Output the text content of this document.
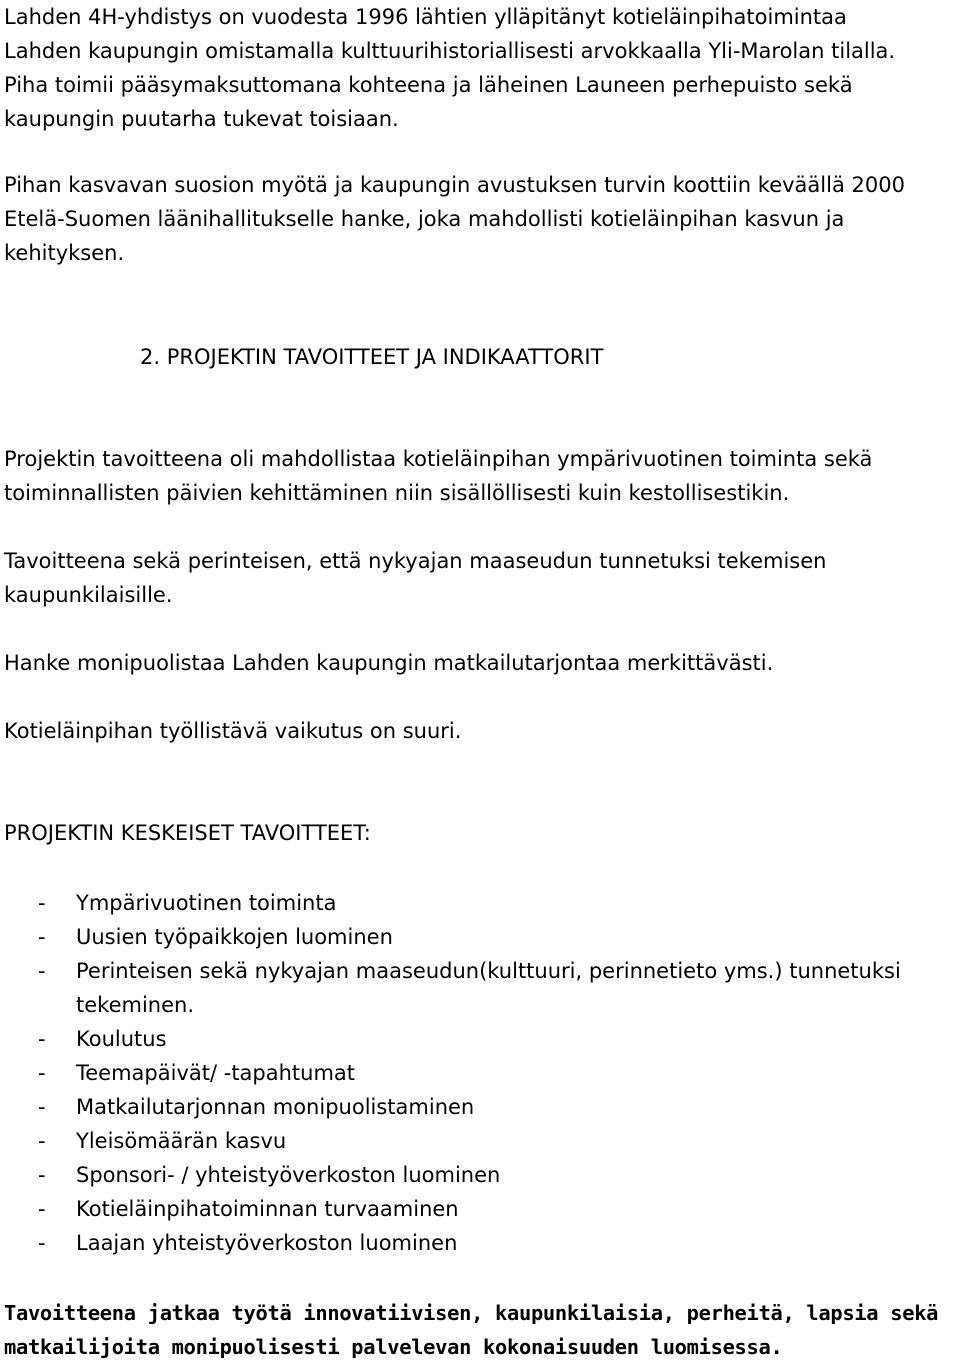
Lahden 4H-yhdistys on vuodesta 1996 lähtien ylläpitänyt kotieläinpihatoimintaa
Lahden kaupungin omistamalla kulttuurihistoriallisesti arvokkaalla Yli-Marolan tilalla.
Piha toimii pääsymaksuttomana kohteena ja läheinen Launeen perhepuisto sekä
kaupungin puutarha tukevat toisiaan.

Pihan kasvavan suosion myötä ja kaupungin avustuksen turvin koottiin keväällä 2000
Etelä-Suomen läänihallitukselle hanke, joka mahdollisti kotieläinpihan kasvun ja
kehityksen.

2. PROJEKTIN TAVOITTEET JA INDIKAATTORIT

Projektin tavoitteena oli mahdollistaa kotieläinpihan ympärivuotinen toiminta sekä
toiminnallisten päivien kehittäminen niin sisällöllisesti kuin kestollisestikin.

Tavoitteena sekä perinteisen, että nykyajan maaseudun tunnetuksi tekemisen
kaupunkilaisille.

Hanke monipuolistaa Lahden kaupungin matkailutarjontaa merkittävästi.

Kotieläinpihan työllistävä vaikutus on suuri.

PROJEKTIN KESKEISET TAVOITTEET:

- Ympärivuotinen toiminta
- Uusien työpaikkojen luominen
- Perinteisen sekä nykyajan maaseudun(kulttuuri, perinnetieto yms.) tunnetuksi
tekeminen.
- Koulutus
- Teemapäivät/ -tapahtumat
- Matkailutarjonnan monipuolistaminen
- Yleisömäärän kasvu
- Sponsori- / yhteistyöverkoston luominen
- Kotieläinpihatoiminnan turvaaminen
- Laajan yhteistyöverkoston luominen

Tavoitteena jatkaa työtä innovatiivisen, kaupunkilaisia, perheitä, lapsia sekä
matkailijoita monipuolisesti palvelevan kokonaisuuden luomisessa.
